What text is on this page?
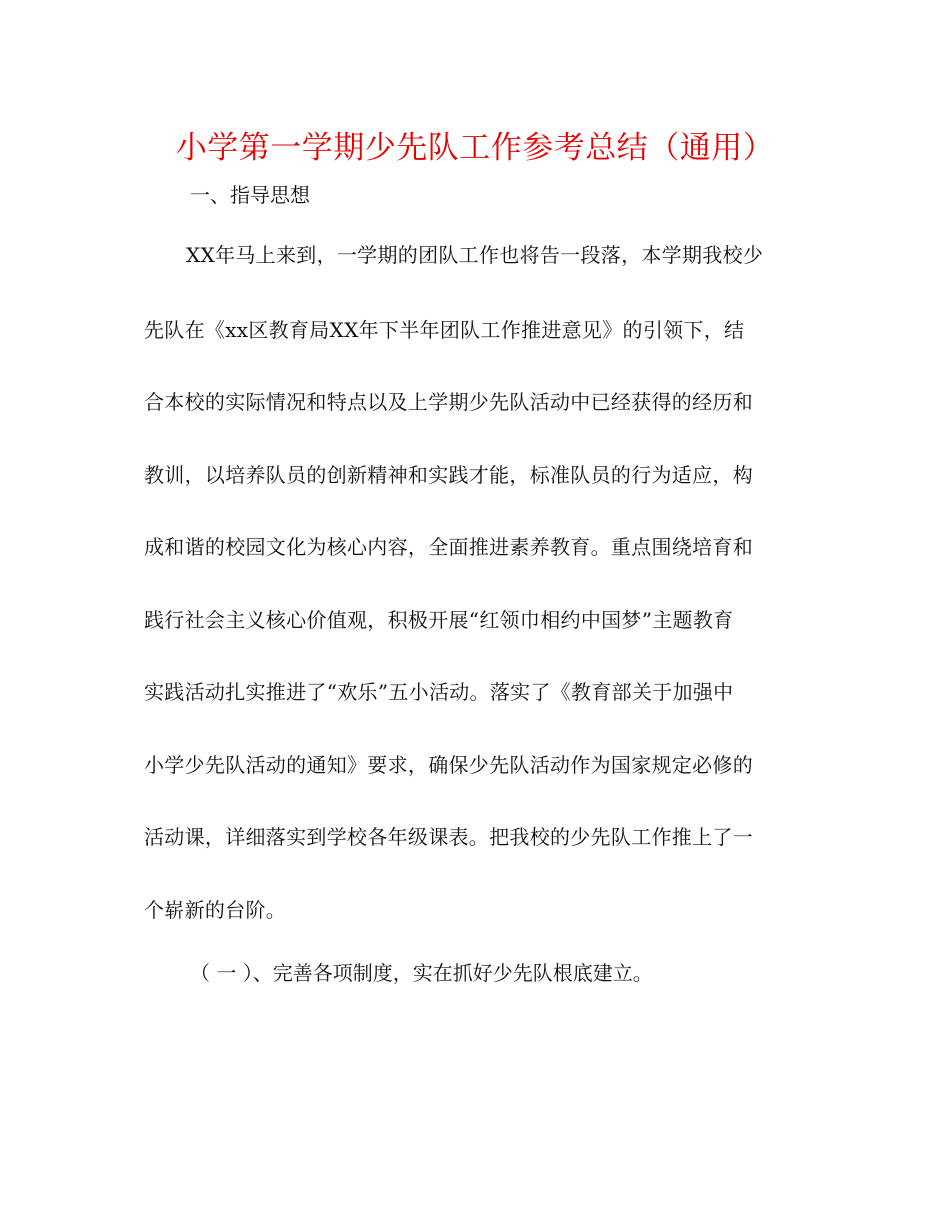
小学第一学期少先队工作参考总结（通用）
一、指导思想
XX年马上来到，一学期的团队工作也将告一段落，本学期我校少
先队在《xx区教育局XX年下半年团队工作推进意见》的引领下，结
合本校的实际情况和特点以及上学期少先队活动中已经获得的经历和
教训，以培养队员的创新精神和实践才能，标准队员的行为适应，构
成和谐的校园文化为核心内容，全面推进素养教育。重点围绕培育和
践行社会主义核心价值观，积极开展“红领巾相约中国梦”主题教育
实践活动扎实推进了“欢乐”五小活动。落实了《教育部关于加强中
小学少先队活动的通知》要求，确保少先队活动作为国家规定必修的
活动课，详细落实到学校各年级课表。把我校的少先队工作推上了一
个崭新的台阶。
（ 一 ）、完善各项制度，实在抓好少先队根底建立。
